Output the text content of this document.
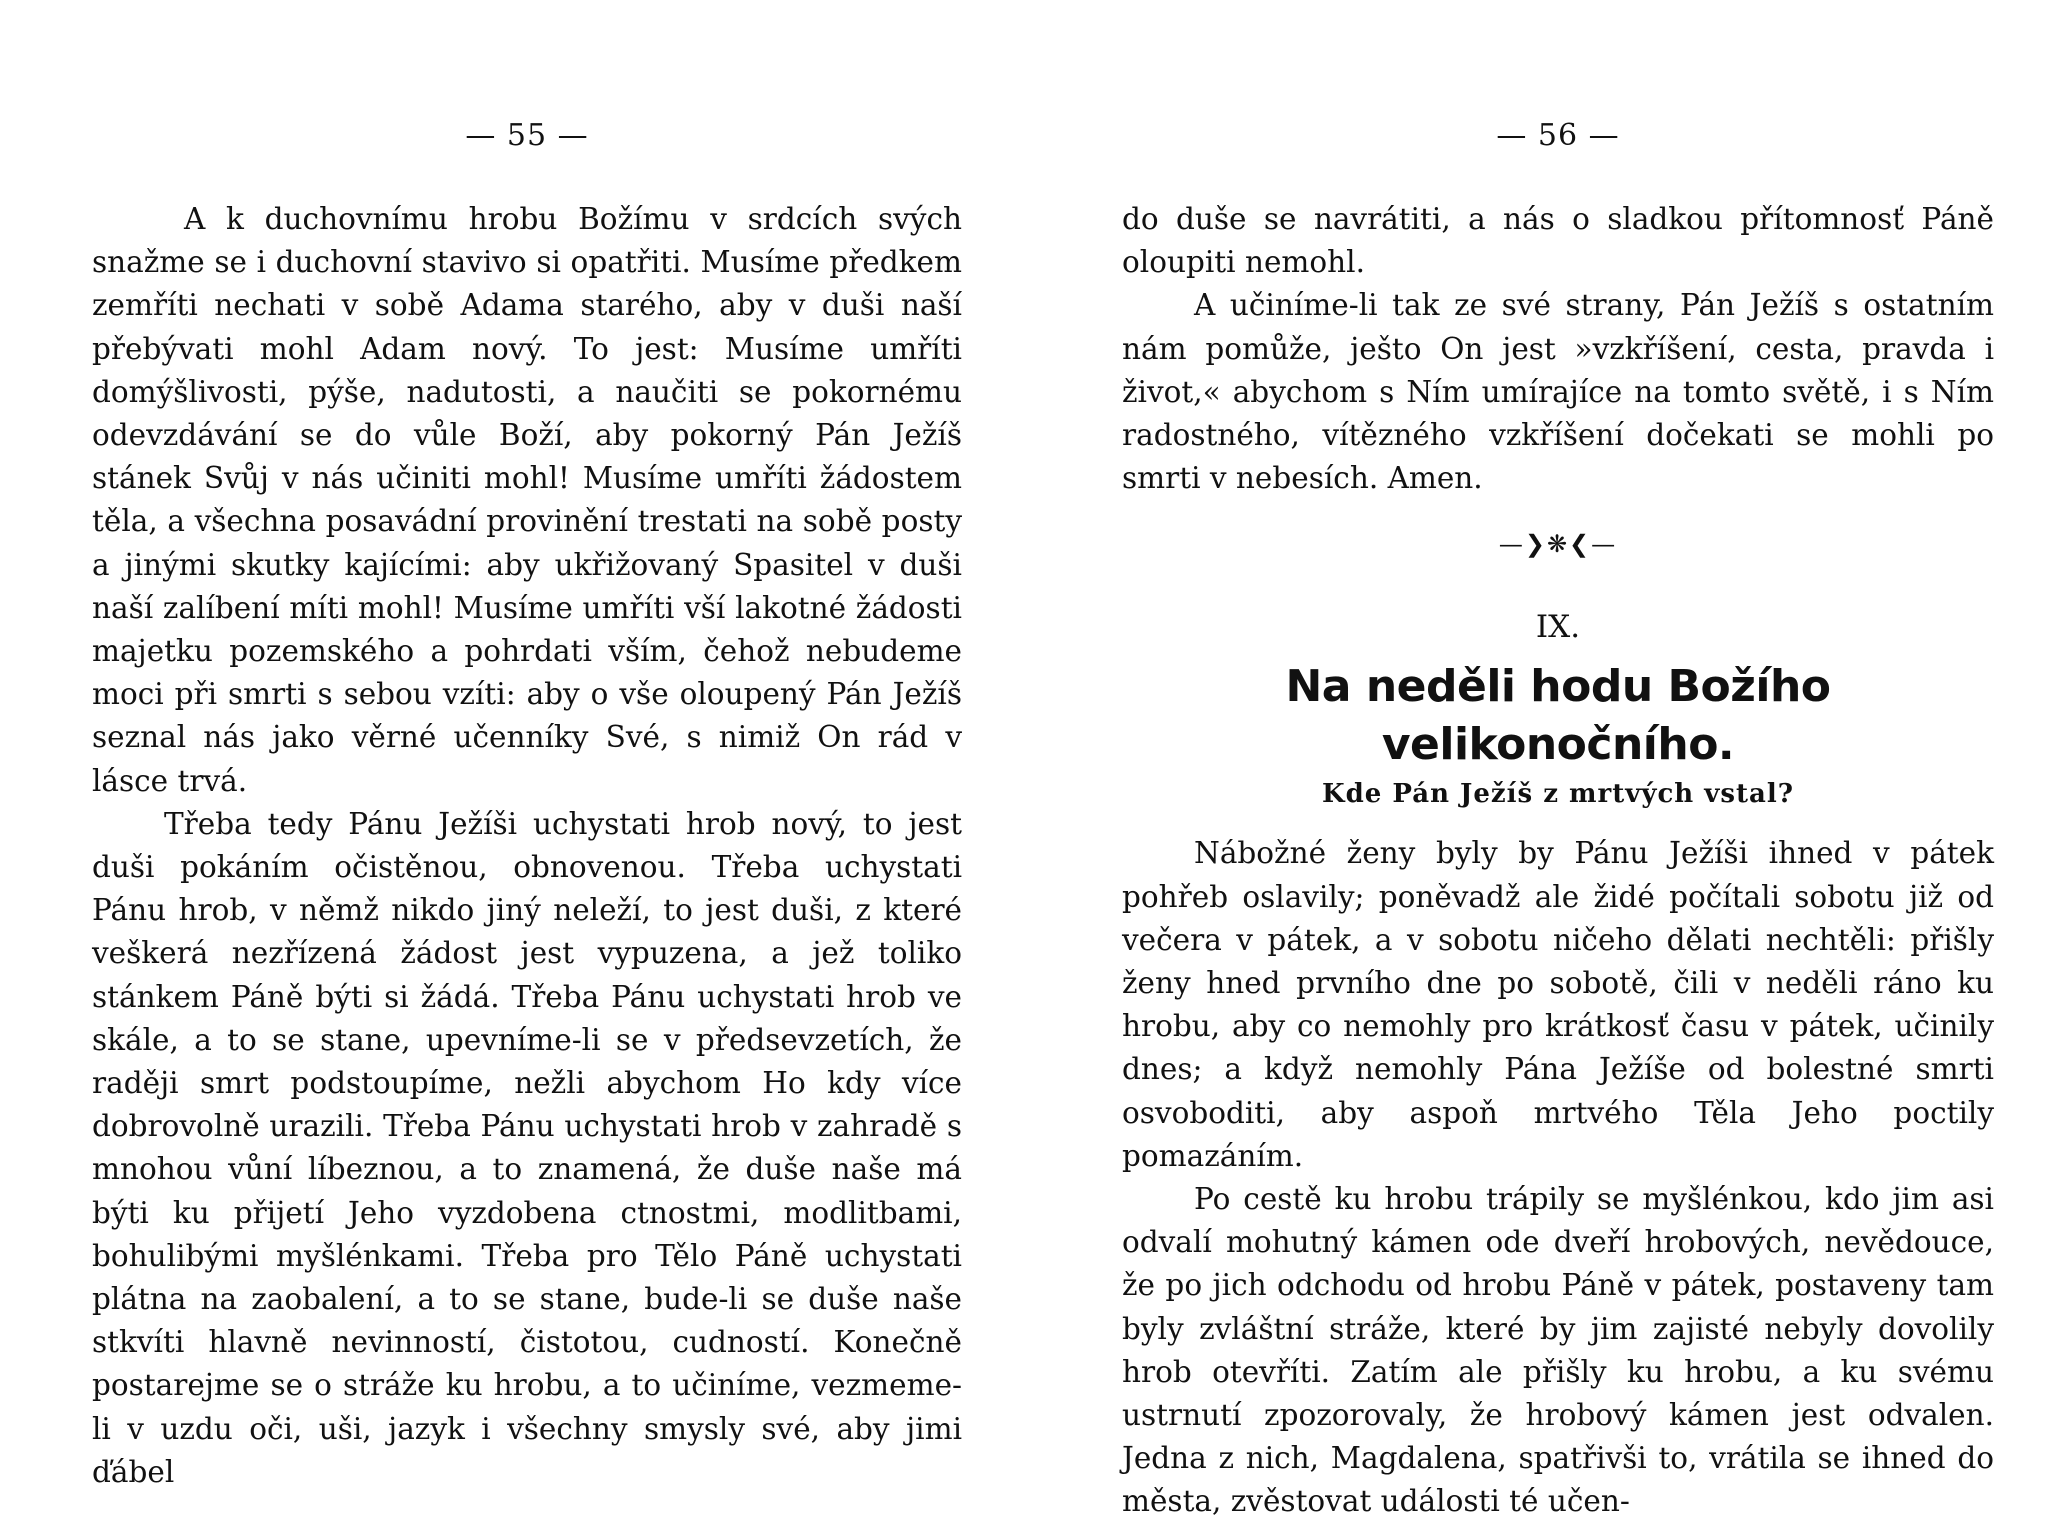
— 55 —

A k duchovnímu hrobu Božímu v srdcích svých snažme se i duchovní stavivo si opatřiti. Musíme předkem zemříti nechati v sobě Adama starého, aby v duši naší přebývati mohl Adam nový. To jest: Musíme umříti domýšlivosti, pýše, nadutosti, a naučiti se pokornému odevzdávání se do vůle Boží, aby pokorný Pán Ježíš stánek Svůj v nás učiniti mohl! Musíme umříti žádostem těla, a všechna posavádní provinění trestati na sobě posty a jinými skutky kajícími: aby ukřižovaný Spasitel v duši naší zalíbení míti mohl! Musíme umříti vší lakotné žádosti majetku pozemského a pohrdati vším, čehož nebudeme moci při smrti s sebou vzíti: aby o vše oloupený Pán Ježíš seznal nás jako věrné učenníky Své, s nimiž On rád v lásce trvá.

Třeba tedy Pánu Ježíši uchystati hrob nový, to jest duši pokáním očistěnou, obnovenou. Třeba uchystati Pánu hrob, v němž nikdo jiný neleží, to jest duši, z které veškerá nezřízená žádost jest vypuzena, a jež toliko stánkem Páně býti si žádá. Třeba Pánu uchystati hrob ve skále, a to se stane, upevníme-li se v předsevzetích, že raději smrt podstoupíme, nežli abychom Ho kdy více dobrovolně urazili. Třeba Pánu uchystati hrob v zahradě s mnohou vůní líbeznou, a to znamená, že duše naše má býti ku přijetí Jeho vyzdobena ctnostmi, modlitbami, bohulibými myšlénkami. Třeba pro Tělo Páně uchystati plátna na zaobalení, a to se stane, bude-li se duše naše stkvíti hlavně nevinností, čistotou, cudností. Konečně postarejme se o stráže ku hrobu, a to učiníme, vezmeme-li v uzdu oči, uši, jazyk i všechny smysly své, aby jimi ďábel

— 56 —

do duše se navrátiti, a nás o sladkou přítomnosť Páně oloupiti nemohl.

A učiníme-li tak ze své strany, Pán Ježíš s ostatním nám pomůže, ješto On jest »vzkříšení, cesta, pravda i život,« abychom s Ním umírajíce na tomto světě, i s Ním radostného, vítězného vzkříšení dočekati se mohli po smrti v nebesích. Amen.

—❯❋❮—
IX.
Na neděli hodu Božího velikonočního.
Kde Pán Ježíš z mrtvých vstal?

Nábožné ženy byly by Pánu Ježíši ihned v pátek pohřeb oslavily; poněvadž ale židé počítali sobotu již od večera v pátek, a v sobotu ničeho dělati nechtěli: přišly ženy hned prvního dne po sobotě, čili v neděli ráno ku hrobu, aby co nemohly pro krátkosť času v pátek, učinily dnes; a když nemohly Pána Ježíše od bolestné smrti osvoboditi, aby aspoň mrtvého Těla Jeho poctily pomazáním.

Po cestě ku hrobu trápily se myšlénkou, kdo jim asi odvalí mohutný kámen ode dveří hrobových, nevědouce, že po jich odchodu od hrobu Páně v pátek, postaveny tam byly zvláštní stráže, které by jim zajisté nebyly dovolily hrob otevříti. Zatím ale přišly ku hrobu, a ku svému ustrnutí zpozorovaly, že hrobový kámen jest odvalen. Jedna z nich, Magdalena, spatřivši to, vrátila se ihned do města, zvěstovat události té učen-
